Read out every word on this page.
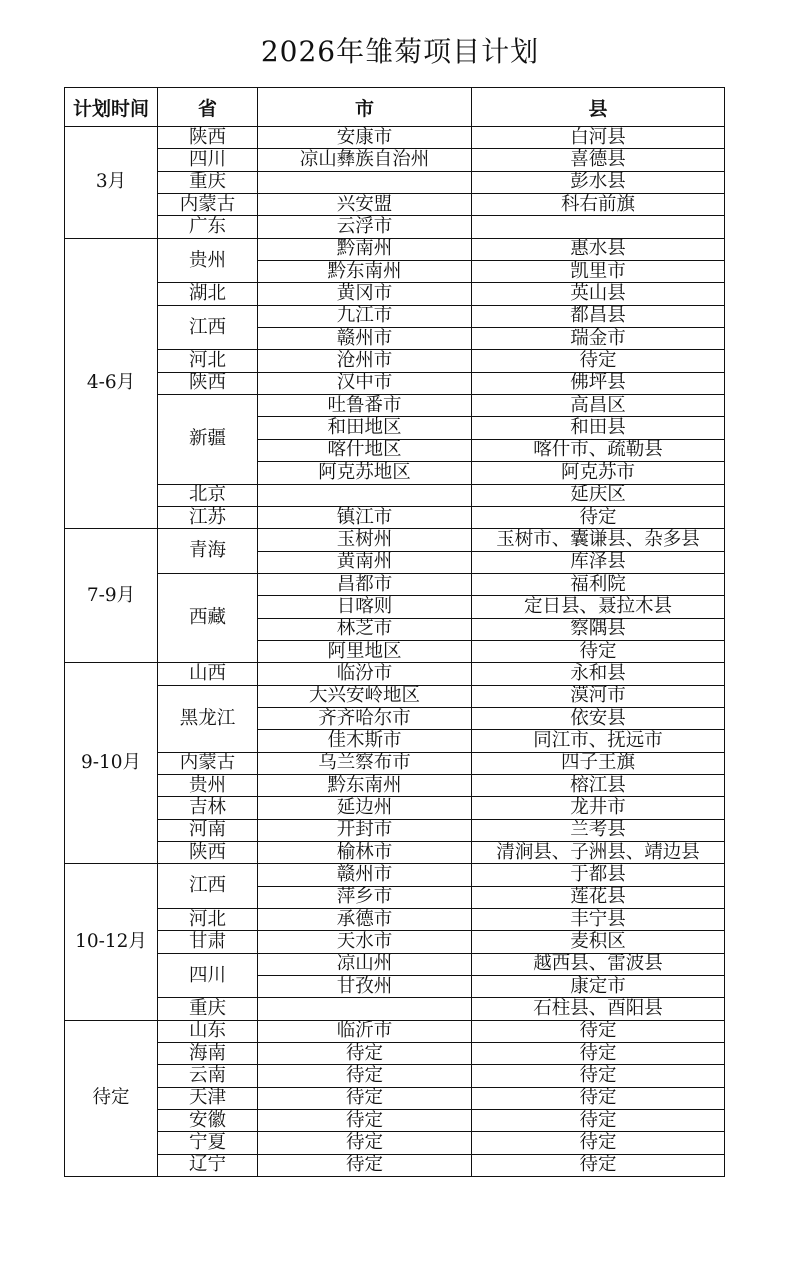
2026年雏菊项目计划
计划时间	省	市	县
3月	陕西	安康市	白河县
	四川	凉山彝族自治州	喜德县
	重庆		彭水县
	内蒙古	兴安盟	科右前旗
	广东	云浮市	
4-6月	贵州	黔南州	惠水县
		黔东南州	凯里市
	湖北	黄冈市	英山县
	江西	九江市	都昌县
		赣州市	瑞金市
	河北	沧州市	待定
	陕西	汉中市	佛坪县
	新疆	吐鲁番市	高昌区
		和田地区	和田县
		喀什地区	喀什市、疏勒县
		阿克苏地区	阿克苏市
	北京		延庆区
	江苏	镇江市	待定
7-9月	青海	玉树州	玉树市、囊谦县、杂多县
		黄南州	库泽县
	西藏	昌都市	福利院
		日喀则	定日县、聂拉木县
		林芝市	察隅县
		阿里地区	待定
9-10月	山西	临汾市	永和县
	黑龙江	大兴安岭地区	漠河市
		齐齐哈尔市	依安县
		佳木斯市	同江市、抚远市
	内蒙古	乌兰察布市	四子王旗
	贵州	黔东南州	榕江县
	吉林	延边州	龙井市
	河南	开封市	兰考县
	陕西	榆林市	清涧县、子洲县、靖边县
10-12月	江西	赣州市	于都县
		萍乡市	莲花县
	河北	承德市	丰宁县
	甘肃	天水市	麦积区
	四川	凉山州	越西县、雷波县
		甘孜州	康定市
	重庆		石柱县、酉阳县
待定	山东	临沂市	待定
	海南	待定	待定
	云南	待定	待定
	天津	待定	待定
	安徽	待定	待定
	宁夏	待定	待定
	辽宁	待定	待定
